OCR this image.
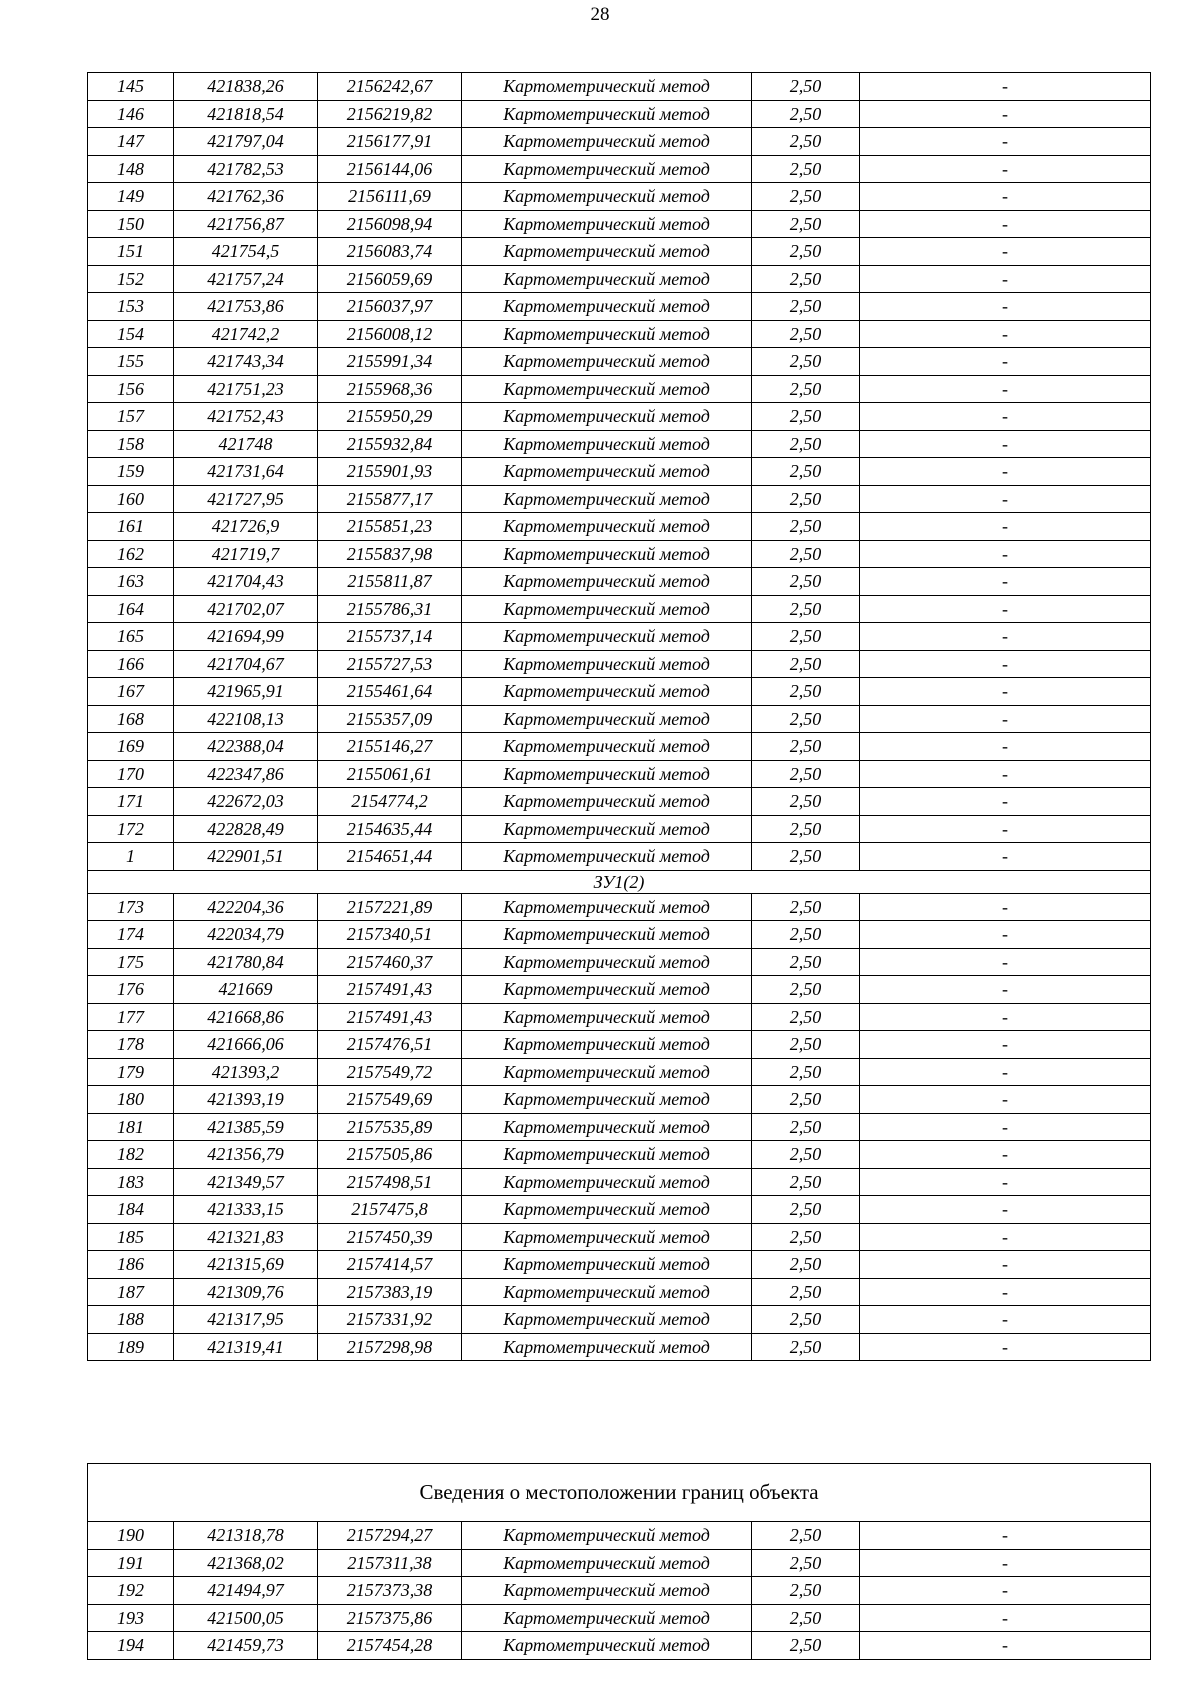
28
145	421838,26	2156242,67	Картометрический метод	2,50	-
146	421818,54	2156219,82	Картометрический метод	2,50	-
147	421797,04	2156177,91	Картометрический метод	2,50	-
148	421782,53	2156144,06	Картометрический метод	2,50	-
149	421762,36	2156111,69	Картометрический метод	2,50	-
150	421756,87	2156098,94	Картометрический метод	2,50	-
151	421754,5	2156083,74	Картометрический метод	2,50	-
152	421757,24	2156059,69	Картометрический метод	2,50	-
153	421753,86	2156037,97	Картометрический метод	2,50	-
154	421742,2	2156008,12	Картометрический метод	2,50	-
155	421743,34	2155991,34	Картометрический метод	2,50	-
156	421751,23	2155968,36	Картометрический метод	2,50	-
157	421752,43	2155950,29	Картометрический метод	2,50	-
158	421748	2155932,84	Картометрический метод	2,50	-
159	421731,64	2155901,93	Картометрический метод	2,50	-
160	421727,95	2155877,17	Картометрический метод	2,50	-
161	421726,9	2155851,23	Картометрический метод	2,50	-
162	421719,7	2155837,98	Картометрический метод	2,50	-
163	421704,43	2155811,87	Картометрический метод	2,50	-
164	421702,07	2155786,31	Картометрический метод	2,50	-
165	421694,99	2155737,14	Картометрический метод	2,50	-
166	421704,67	2155727,53	Картометрический метод	2,50	-
167	421965,91	2155461,64	Картометрический метод	2,50	-
168	422108,13	2155357,09	Картометрический метод	2,50	-
169	422388,04	2155146,27	Картометрический метод	2,50	-
170	422347,86	2155061,61	Картометрический метод	2,50	-
171	422672,03	2154774,2	Картометрический метод	2,50	-
172	422828,49	2154635,44	Картометрический метод	2,50	-
1	422901,51	2154651,44	Картометрический метод	2,50	-
ЗУ1(2)					
173	422204,36	2157221,89	Картометрический метод	2,50	-
174	422034,79	2157340,51	Картометрический метод	2,50	-
175	421780,84	2157460,37	Картометрический метод	2,50	-
176	421669	2157491,43	Картометрический метод	2,50	-
177	421668,86	2157491,43	Картометрический метод	2,50	-
178	421666,06	2157476,51	Картометрический метод	2,50	-
179	421393,2	2157549,72	Картометрический метод	2,50	-
180	421393,19	2157549,69	Картометрический метод	2,50	-
181	421385,59	2157535,89	Картометрический метод	2,50	-
182	421356,79	2157505,86	Картометрический метод	2,50	-
183	421349,57	2157498,51	Картометрический метод	2,50	-
184	421333,15	2157475,8	Картометрический метод	2,50	-
185	421321,83	2157450,39	Картометрический метод	2,50	-
186	421315,69	2157414,57	Картометрический метод	2,50	-
187	421309,76	2157383,19	Картометрический метод	2,50	-
188	421317,95	2157331,92	Картометрический метод	2,50	-
189	421319,41	2157298,98	Картометрический метод	2,50	-
Сведения о местоположении границ объекта					
190	421318,78	2157294,27	Картометрический метод	2,50	-
191	421368,02	2157311,38	Картометрический метод	2,50	-
192	421494,97	2157373,38	Картометрический метод	2,50	-
193	421500,05	2157375,86	Картометрический метод	2,50	-
194	421459,73	2157454,28	Картометрический метод	2,50	-
